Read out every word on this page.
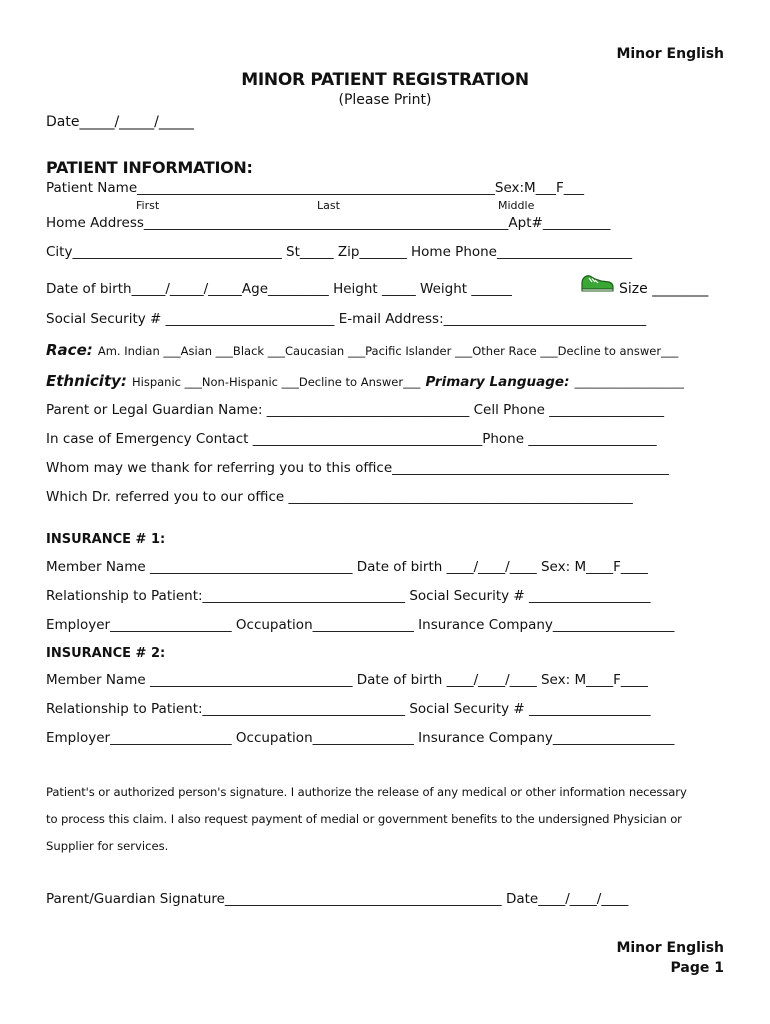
Minor English
MINOR PATIENT REGISTRATION
(Please Print)
Date_____/_____/_____
PATIENT INFORMATION:
Patient Name_____________________________________________________Sex:M___F___
First	Last	Middle
Home Address______________________________________________________Apt#__________
City_______________________________ St_____ Zip_______ Home Phone____________________
Date of birth_____/_____/_____Age_________ Height _____ Weight ______	Size ________
Social Security # _________________________ E-mail Address:______________________________
Race: Am. Indian ___Asian ___Black ___Caucasian ___Pacific Islander ___Other Race ___Decline to answer___
Ethnicity: Hispanic ___Non-Hispanic ___Decline to Answer___ Primary Language: ___________________
Parent or Legal Guardian Name: ______________________________ Cell Phone _________________
In case of Emergency Contact __________________________________Phone ___________________
Whom may we thank for referring you to this office_________________________________________
Which Dr. referred you to our office ___________________________________________________
INSURANCE # 1:
Member Name ______________________________ Date of birth ____/____/____ Sex: M____F____
Relationship to Patient:______________________________ Social Security # __________________
Employer__________________ Occupation_______________ Insurance Company__________________
INSURANCE # 2:
Member Name ______________________________ Date of birth ____/____/____ Sex: M____F____
Relationship to Patient:______________________________ Social Security # __________________
Employer__________________ Occupation_______________ Insurance Company__________________
Patient's or authorized person's signature. I authorize the release of any medical or other information necessary
to process this claim. I also request payment of medial or government benefits to the undersigned Physician or
Supplier for services.
Parent/Guardian Signature_________________________________________ Date____/____/____
Minor English
Page 1
